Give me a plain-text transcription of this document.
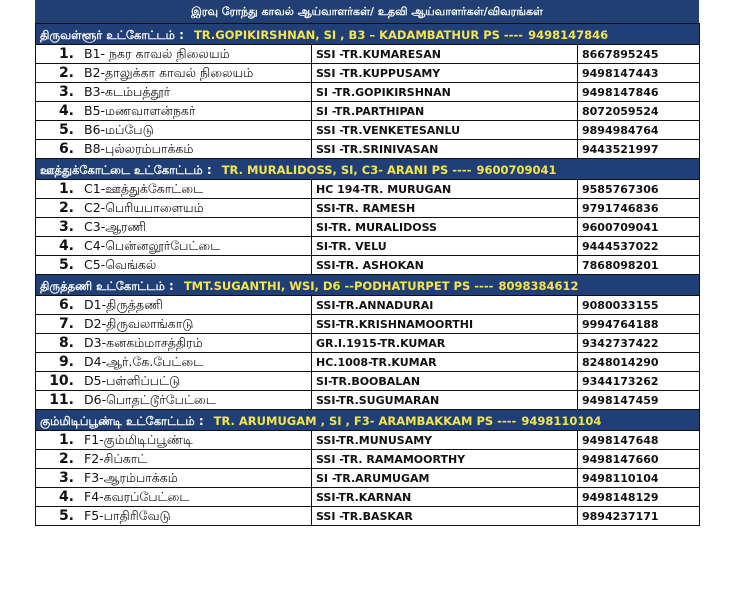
இரவு ரோந்து காவல் ஆய்வாளர்கள்/ உதவி ஆய்வாளர்கள்/விவரங்கள்
திருவள்ளூர் உட்கோட்டம் : TR.GOPIKIRSHNAN, SI , B3 – KADAMBATHUR PS ---- 9498147846		
1. B1- நகர காவல் நிலையம்	SSI -TR.KUMARESAN	8667895245
2. B2-தாலுக்கா காவல் நிலையம்	SSI -TR.KUPPUSAMY	9498147443
3. B3-கடம்பத்தூர்	SI -TR.GOPIKIRSHNAN	9498147846
4. B5-மணவாளன்நகர்	SI -TR.PARTHIPAN	8072059524
5. B6-மப்பேடு	SSI -TR.VENKETESANLU	9894984764
6. B8-புல்லரம்பாக்கம்	SSI -TR.SRINIVASAN	9443521997
ஊத்துக்கோட்டை உட்கோட்டம் : TR. MURALIDOSS, SI, C3- ARANI PS ---- 9600709041		
1. C1-ஊத்துக்கோட்டை	HC 194-TR. MURUGAN	9585767306
2. C2-பெரியபாளையம்	SSI-TR. RAMESH	9791746836
3. C3-ஆரணி	SI-TR. MURALIDOSS	9600709041
4. C4-பென்னலூர்பேட்டை	SI-TR. VELU	9444537022
5. C5-வெங்கல்	SSI-TR. ASHOKAN	7868098201
திருத்தணி உட்கோட்டம் : TMT.SUGANTHI, WSI, D6 --PODHATURPET PS ---- 8098384612		
6. D1-திருத்தணி	SSI-TR.ANNADURAI	9080033155
7. D2-திருவலாங்காடு	SSI-TR.KRISHNAMOORTHI	9994764188
8. D3-கனகம்மாசத்திரம்	GR.I.1915-TR.KUMAR	9342737422
9. D4-ஆர்.கே.பேட்டை	HC.1008-TR.KUMAR	8248014290
10. D5-பள்ளிப்பட்டு	SI-TR.BOOBALAN	9344173262
11. D6-பொதட்டூர்பேட்டை	SSI-TR.SUGUMARAN	9498147459
கும்மிடிப்பூண்டி உட்கோட்டம் : TR. ARUMUGAM , SI , F3- ARAMBAKKAM PS ---- 9498110104		
1. F1-கும்மிடிப்பூண்டி	SSI-TR.MUNUSAMY	9498147648
2. F2-சிப்காட்	SSI -TR. RAMAMOORTHY	9498147660
3. F3-ஆரம்பாக்கம்	SI -TR.ARUMUGAM	9498110104
4. F4-கவரப்பேட்டை	SSI-TR.KARNAN	9498148129
5. F5-பாதிரிவேடு	SSI -TR.BASKAR	9894237171
